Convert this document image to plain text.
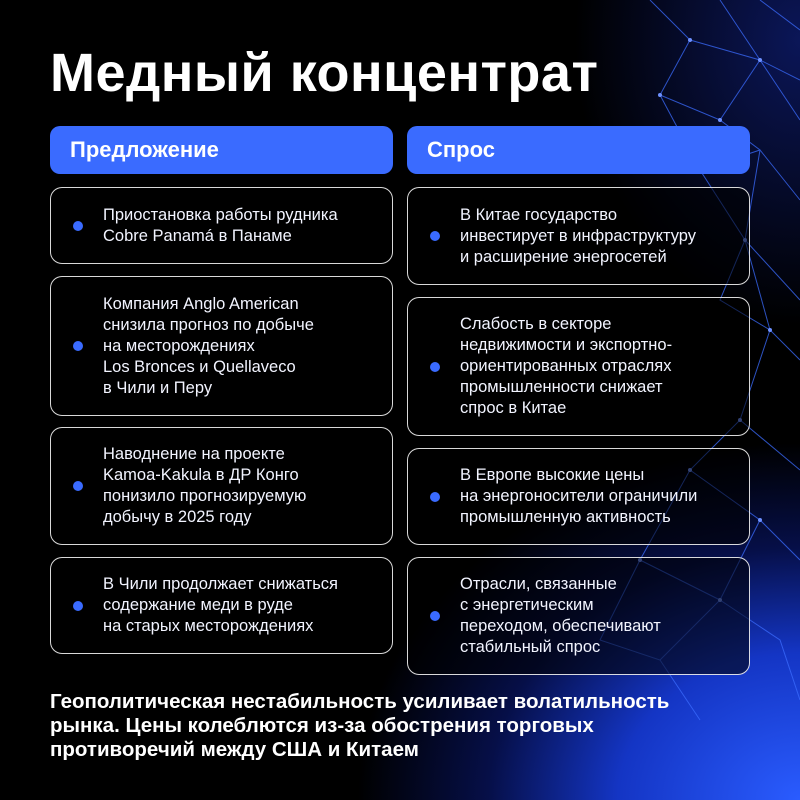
Медный концентрат
Предложение
Приостановка работы рудника
Cobre Panamá в Панаме
Компания Anglo American
снизила прогноз по добыче
на месторождениях
Los Bronces и Quellaveco
в Чили и Перу
Наводнение на проекте
Kamoa-Kakula в ДР Конго
понизило прогнозируемую
добычу в 2025 году
В Чили продолжает снижаться
содержание меди в руде
на старых месторождениях
Спрос
В Китае государство
инвестирует в инфраструктуру
и расширение энергосетей
Слабость в секторе
недвижимости и экспортно-
ориентированных отраслях
промышленности снижает
спрос в Китае
В Европе высокие цены
на энергоносители ограничили
промышленную активность
Отрасли, связанные
с энергетическим
переходом, обеспечивают
стабильный спрос

Геополитическая нестабильность усиливает волатильность
рынка. Цены колеблются из-за обострения торговых
противоречий между США и Китаем
